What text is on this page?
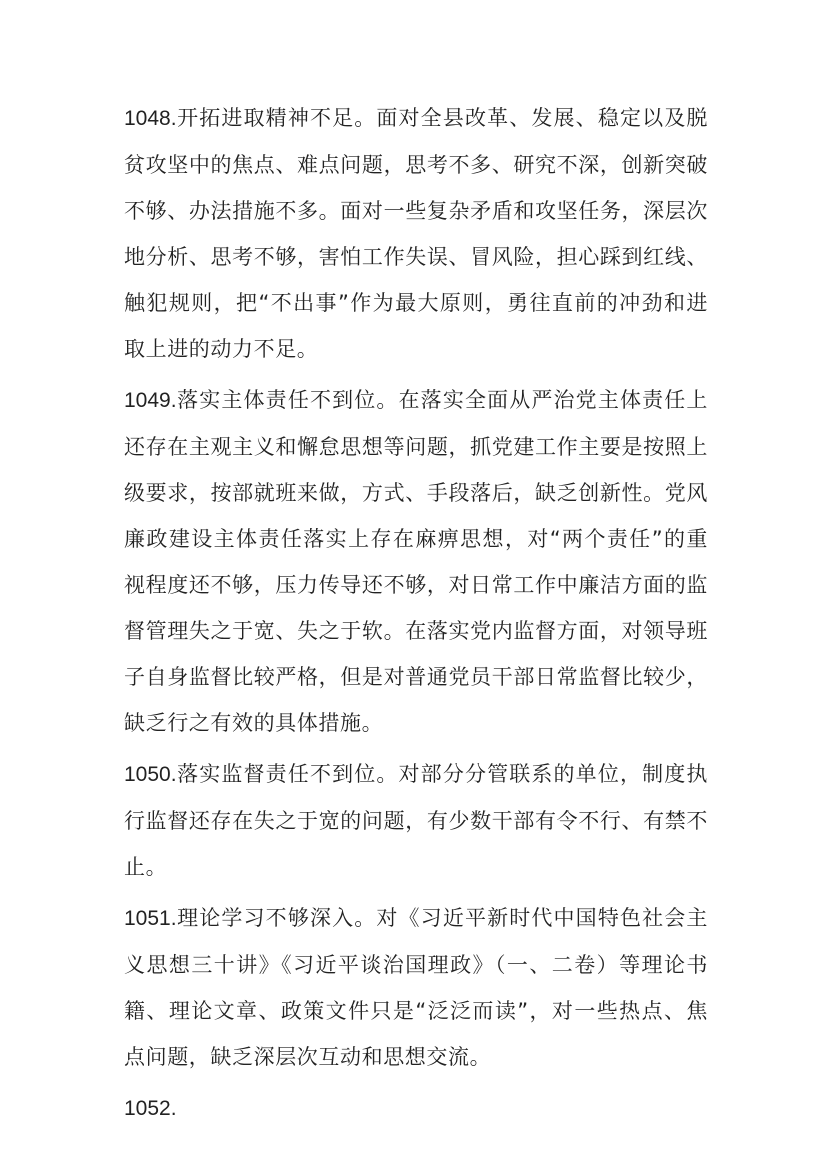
1048.开拓进取精神不足。面对全县改革、发展、稳定以及脱贫攻坚中的焦点、难点问题，思考不多、研究不深，创新突破不够、办法措施不多。面对一些复杂矛盾和攻坚任务，深层次地分析、思考不够，害怕工作失误、冒风险，担心踩到红线、触犯规则，把“不出事”作为最大原则，勇往直前的冲劲和进取上进的动力不足。

1049.落实主体责任不到位。在落实全面从严治党主体责任上还存在主观主义和懈怠思想等问题，抓党建工作主要是按照上级要求，按部就班来做，方式、手段落后，缺乏创新性。党风廉政建设主体责任落实上存在麻痹思想，对“两个责任”的重视程度还不够，压力传导还不够，对日常工作中廉洁方面的监督管理失之于宽、失之于软。在落实党内监督方面，对领导班子自身监督比较严格，但是对普通党员干部日常监督比较少，缺乏行之有效的具体措施。

1050.落实监督责任不到位。对部分分管联系的单位，制度执行监督还存在失之于宽的问题，有少数干部有令不行、有禁不止。

1051.理论学习不够深入。对《习近平新时代中国特色社会主义思想三十讲》《习近平谈治国理政》（一、二卷）等理论书籍、理论文章、政策文件只是“泛泛而读”，对一些热点、焦点问题，缺乏深层次互动和思想交流。

1052.
